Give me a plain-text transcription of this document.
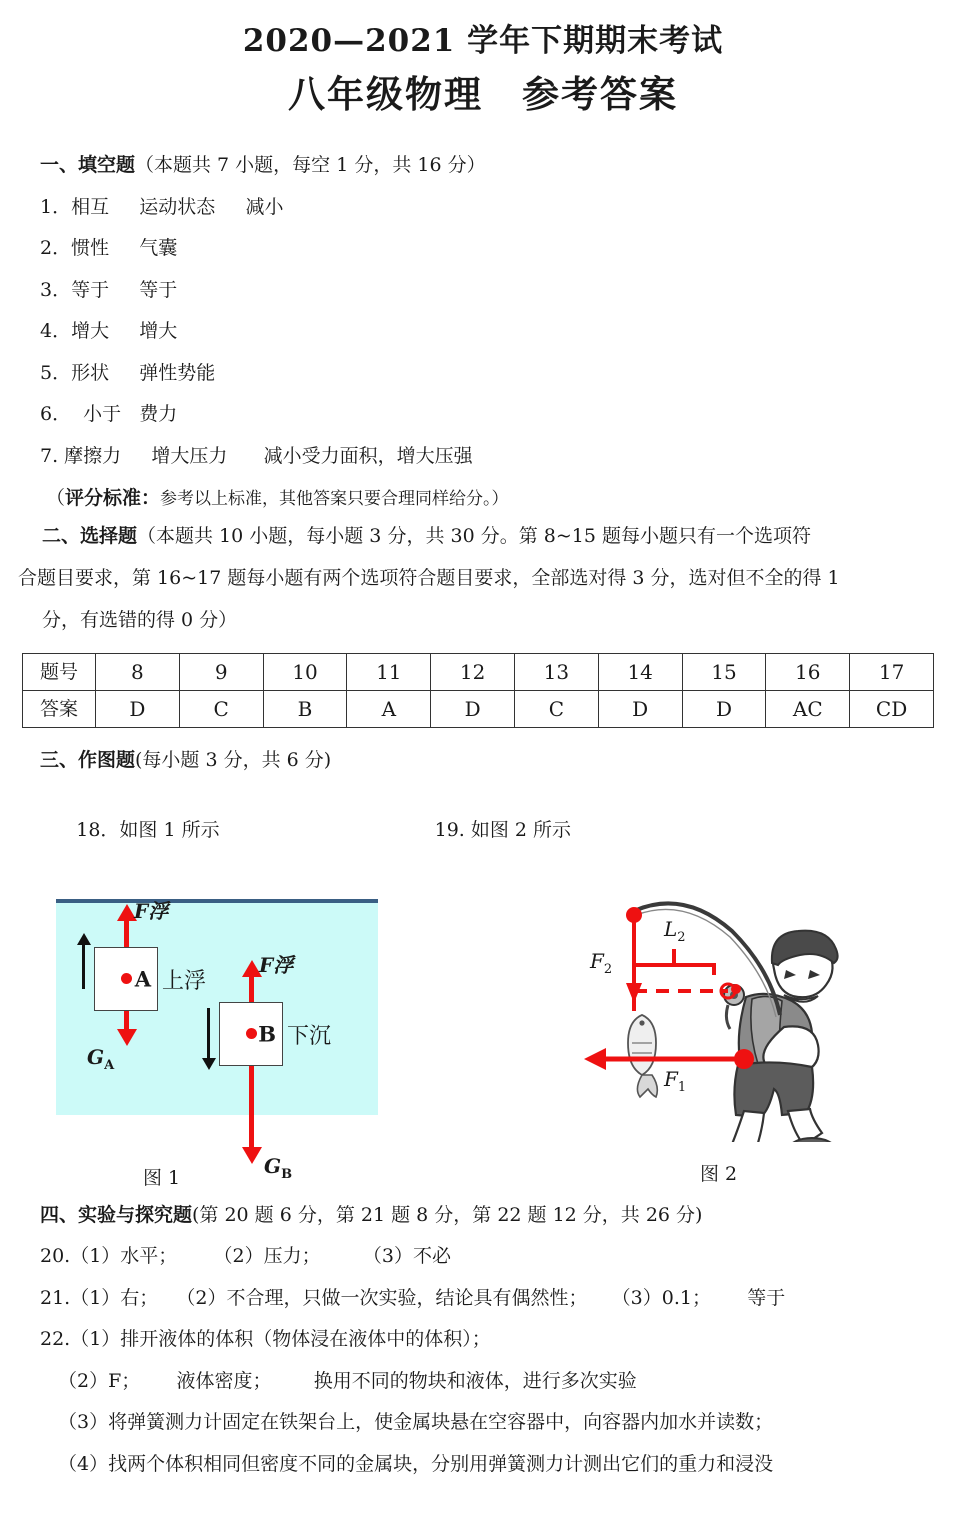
2020—2021 学年下期期末考试
八年级物理　参考答案
一、填空题（本题共 7 小题，每空 1 分，共 16 分）
1．相互     运动状态     减小
2．惯性     气囊
3．等于     等于
4．增大     增大
5．形状     弹性势能
6．  小于   费力
7. 摩擦力     增大压力      减小受力面积，增大压强
（评分标准：参考以上标准，其他答案只要合理同样给分。）
二、选择题（本题共 10 小题，每小题 3 分，共 30 分。第 8~15 题每小题只有一个选项符
合题目要求，第 16~17 题每小题有两个选项符合题目要求，全部选对得 3 分，选对但不全的得 1
分，有选错的得 0 分）
题号	8	9	10	11	12	13	14	15	16	17
答案	D	C	B	A	D	C	D	D	AC	CD
三、作图题(每小题 3 分，共 6 分)

18．如图 1 所示	19. 如图 2 所示

A
F浮
$G_A$
上浮
B
F浮
$G_B$
下沉
图 1
$F_2$
$L_2$
$F_1$
图 2
四、实验与探究题(第 20 题 6 分，第 21 题 8 分，第 22 题 12 分，共 26 分)
20.（1）水平；      （2）压力；       （3）不必
21.（1）右；   （2）不合理，只做一次实验，结论具有偶然性；    （3）0.1；      等于
22.（1）排开液体的体积（物体浸在液体中的体积）；
（2）F；      液体密度；       换用不同的物块和液体，进行多次实验
（3）将弹簧测力计固定在铁架台上，使金属块悬在空容器中，向容器内加水并读数；
（4）找两个体积相同但密度不同的金属块，分别用弹簧测力计测出它们的重力和浸没
